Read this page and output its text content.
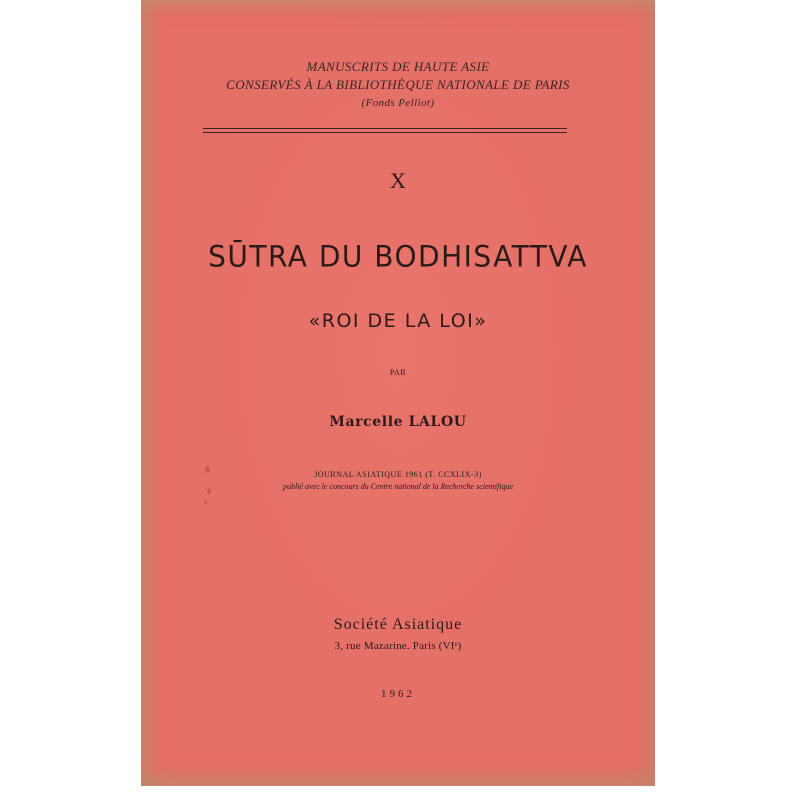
MANUSCRITS DE HAUTE ASIE
CONSERVÉS À LA BIBLIOTHÈQUE NATIONALE DE PARIS
(Fonds Pelliot)
X
SŪTRA DU BODHISATTVA
«ROI DE LA LOI»
PAR
Marcelle LALOU
JOURNAL ASIATIQUE 1961 (T. CCXLIX-3)
publié avec le concours du Centre national de la Recherche scientifique
Société Asiatique
3, rue Mazarine. Paris (VIᵉ)
1962
